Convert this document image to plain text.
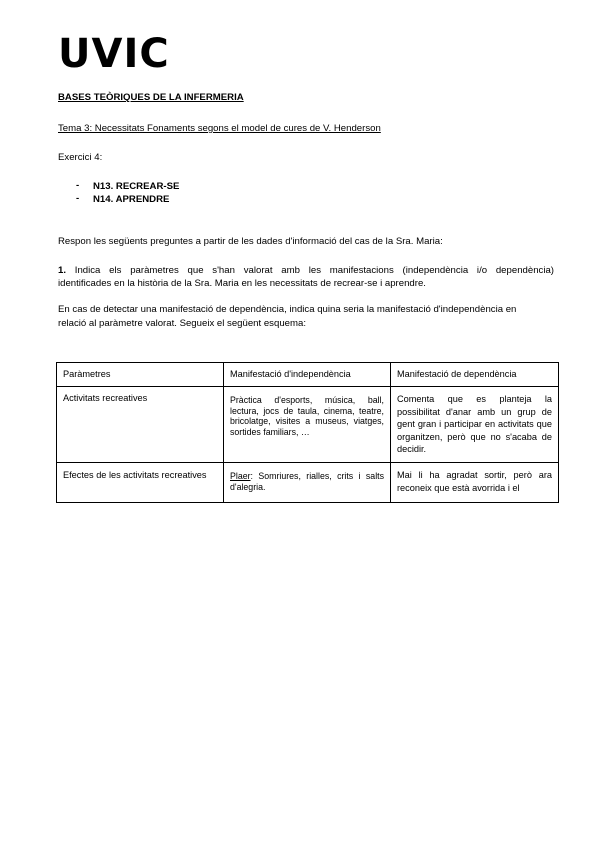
UVIC
BASES TEÒRIQUES DE LA INFERMERIA
Tema 3: Necessitats Fonaments segons el model de cures de V. Henderson
Exercici 4:
- N13. RECREAR-SE
- N14. APRENDRE
Respon les següents preguntes a partir de les dades d'informació del cas de la Sra. Maria:
1. Indica els paràmetres que s'han valorat amb les manifestacions (independència i/o dependència)
identificades en la història de la Sra. Maria en les necessitats de recrear-se i aprendre.
En cas de detectar una manifestació de dependència, indica quina seria la manifestació d'independència en
relació al paràmetre valorat. Segueix el següent esquema:
Paràmetres	Manifestació d'independència	Manifestació de dependència
Activitats recreatives	Pràctica d'esports, música, ball, lectura, jocs de taula, cinema, teatre, bricolatge, visites a museus, viatges, sortides familiars, …	Comenta que es planteja la possibilitat d'anar amb un grup de gent gran i participar en activitats que organitzen, però que no s'acaba de decidir.
Efectes de les activitats recreatives	Plaer: Somriures, rialles, crits i salts d'alegria.	Mai li ha agradat sortir, però ara reconeix que està avorrida i el
